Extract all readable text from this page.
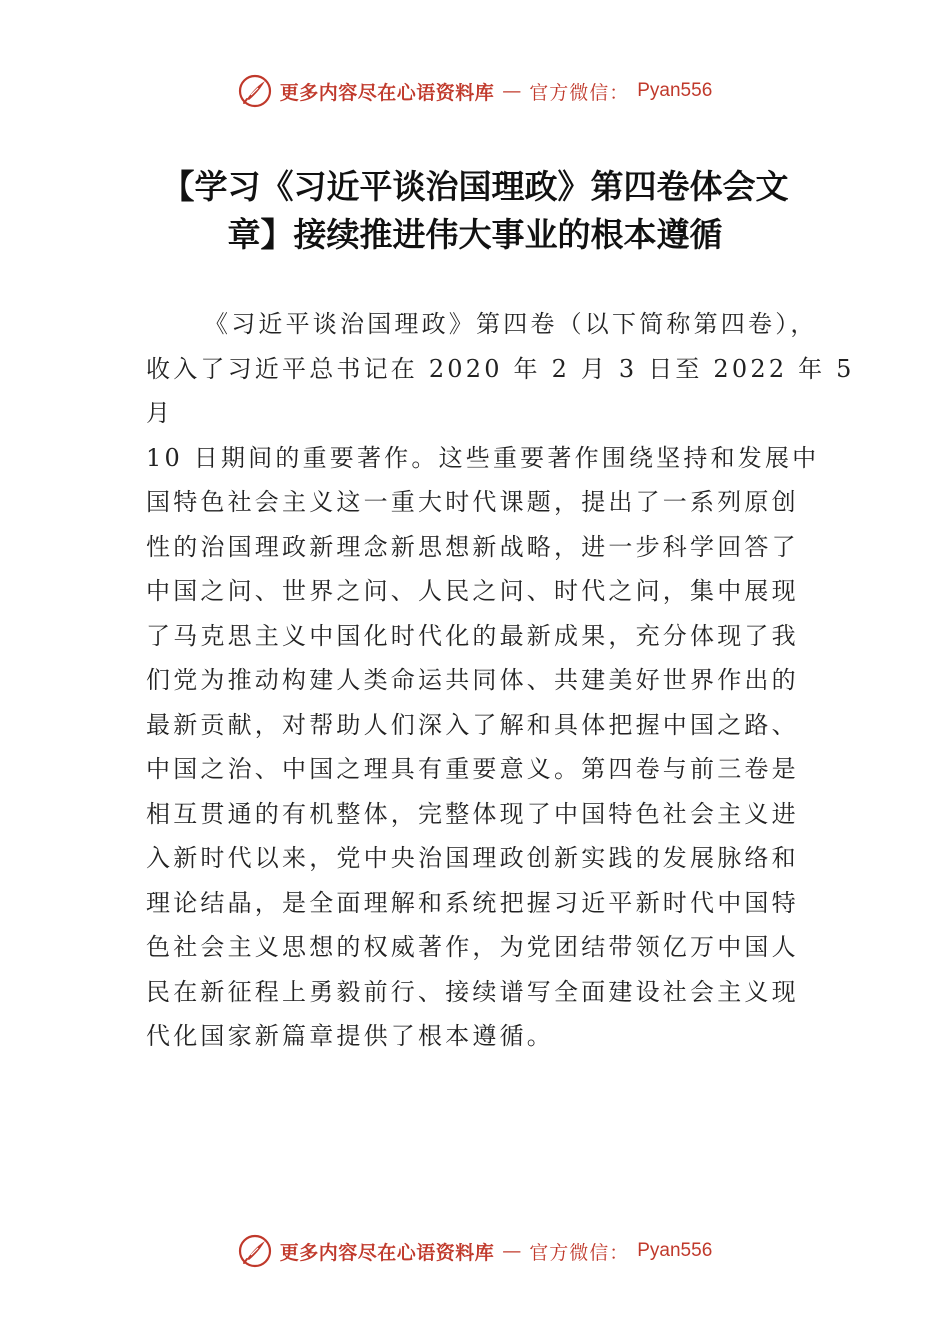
更多内容尽在心语资料库 — 官方微信： Pyan556
【学习《习近平谈治国理政》第四卷体会文
章】接续推进伟大事业的根本遵循
《习近平谈治国理政》第四卷（以下简称第四卷），
收入了习近平总书记在 2020 年 2 月 3 日至 2022 年 5
月
10 日期间的重要著作。这些重要著作围绕坚持和发展中
国特色社会主义这一重大时代课题，提出了一系列原创
性的治国理政新理念新思想新战略，进一步科学回答了
中国之问、世界之问、人民之问、时代之问，集中展现
了马克思主义中国化时代化的最新成果，充分体现了我
们党为推动构建人类命运共同体、共建美好世界作出的
最新贡献，对帮助人们深入了解和具体把握中国之路、
中国之治、中国之理具有重要意义。第四卷与前三卷是
相互贯通的有机整体，完整体现了中国特色社会主义进
入新时代以来，党中央治国理政创新实践的发展脉络和
理论结晶，是全面理解和系统把握习近平新时代中国特
色社会主义思想的权威著作，为党团结带领亿万中国人
民在新征程上勇毅前行、接续谱写全面建设社会主义现
代化国家新篇章提供了根本遵循。
更多内容尽在心语资料库 — 官方微信： Pyan556
